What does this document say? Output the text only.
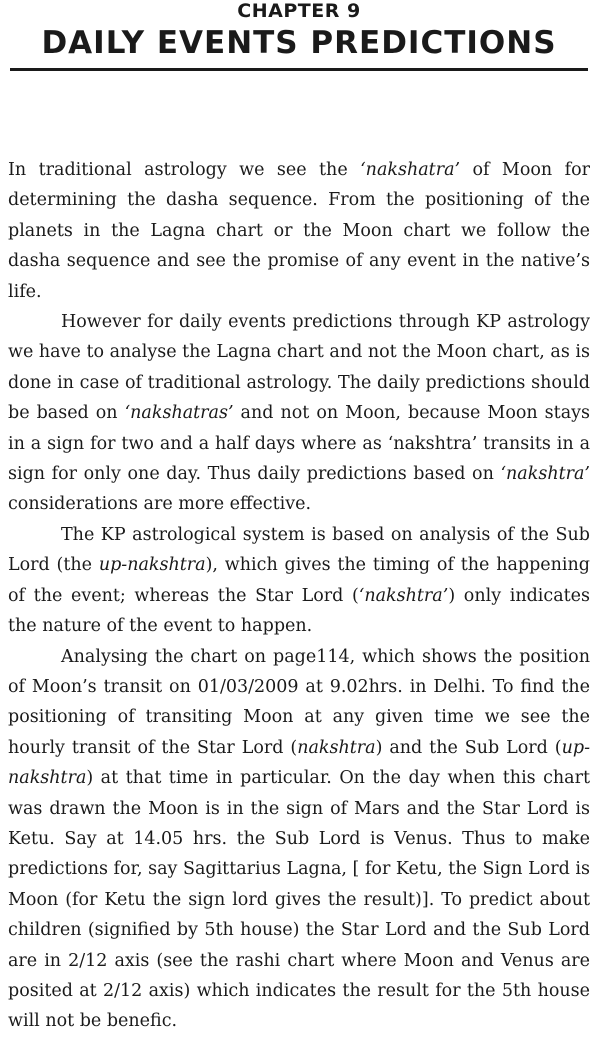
CHAPTER 9
DAILY EVENTS PREDICTIONS

In traditional astrology we see the ‘nakshatra’ of Moon for determining the dasha sequence. From the positioning of the planets in the Lagna chart or the Moon chart we follow the dasha sequence and see the promise of any event in the native’s life.

However for daily events predictions through KP astrology we have to analyse the Lagna chart and not the Moon chart, as is done in case of traditional astrology. The daily predictions should be based on ‘nakshatras’ and not on Moon, because Moon stays in a sign for two and a half days where as ‘nakshtra’ transits in a sign for only one day. Thus daily predictions based on ‘nakshtra’ considerations are more effective.

The KP astrological system is based on analysis of the Sub Lord (the up-nakshtra), which gives the timing of the happening of the event; whereas the Star Lord (‘nakshtra’) only indicates the nature of the event to happen.

Analysing the chart on page114, which shows the position of Moon’s transit on 01/03/2009 at 9.02hrs. in Delhi. To find the positioning of transiting Moon at any given time we see the hourly transit of the Star Lord (nakshtra) and the Sub Lord (up-nakshtra) at that time in particular. On the day when this chart was drawn the Moon is in the sign of Mars and the Star Lord is Ketu. Say at 14.05 hrs. the Sub Lord is Venus. Thus to make predictions for, say Sagittarius Lagna, [ for Ketu, the Sign Lord is Moon (for Ketu the sign lord gives the result)]. To predict about children (signified by 5th house) the Star Lord and the Sub Lord are in 2/12 axis (see the rashi chart where Moon and Venus are posited at 2/12 axis) which indicates the result for the 5th house will not be benefic.
